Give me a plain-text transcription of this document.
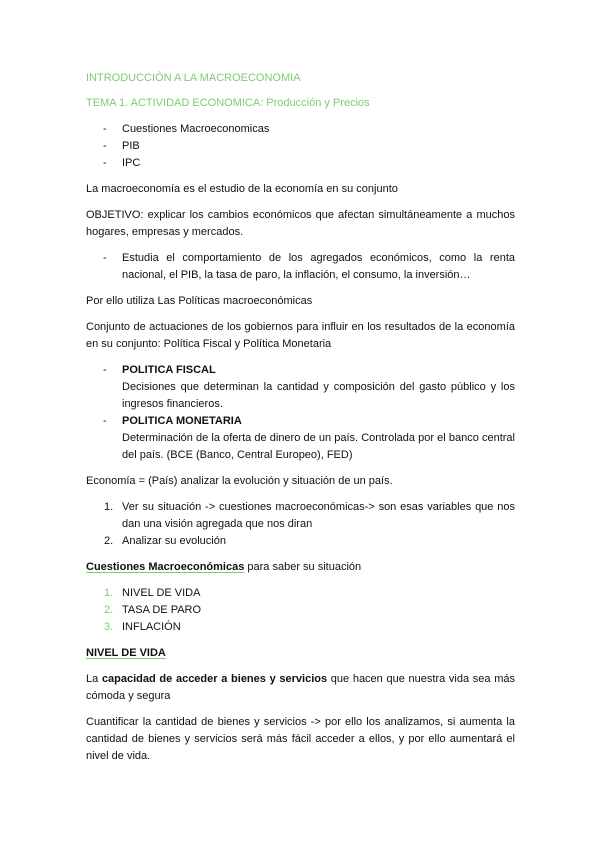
INTRODUCCIÓN A LA MACROECONOMIA

TEMA 1. ACTIVIDAD ECONOMICA: Producción y Precios

- Cuestiones Macroeconomicas
- PIB
- IPC

La macroeconomía es el estudio de la economía en su conjunto

OBJETIVO: explicar los cambios económicos que afectan simultáneamente a muchos hogares, empresas y mercados.

- Estudia el comportamiento de los agregados económicos, como la renta nacional, el PIB, la tasa de paro, la inflación, el consumo, la inversión…

Por ello utiliza Las Políticas macroeconómicas

Conjunto de actuaciones de los gobiernos para influir en los resultados de la economía en su conjunto: Política Fiscal y Política Monetaria

- POLITICA FISCAL
Decisiones que determinan la cantidad y composición del gasto público y los ingresos financieros.
- POLITICA MONETARIA
Determinación de la oferta de dinero de un país. Controlada por el banco central del país. (BCE (Banco, Central Europeo), FED)

Economía = (País) analizar la evolución y situación de un país.

1. Ver su situación -> cuestiones macroeconómicas-> son esas variables que nos dan una visión agregada que nos diran
2. Analizar su evolución

Cuestiones Macroeconómicas para saber su situación

1. NIVEL DE VIDA
2. TASA DE PARO
3. INFLACIÓN

NIVEL DE VIDA

La capacidad de acceder a bienes y servicios que hacen que nuestra vida sea más cómoda y segura

Cuantificar la cantidad de bienes y servicios -> por ello los analizamos, si aumenta la cantidad de bienes y servicios será más fácil acceder a ellos, y por ello aumentará el nivel de vida.
